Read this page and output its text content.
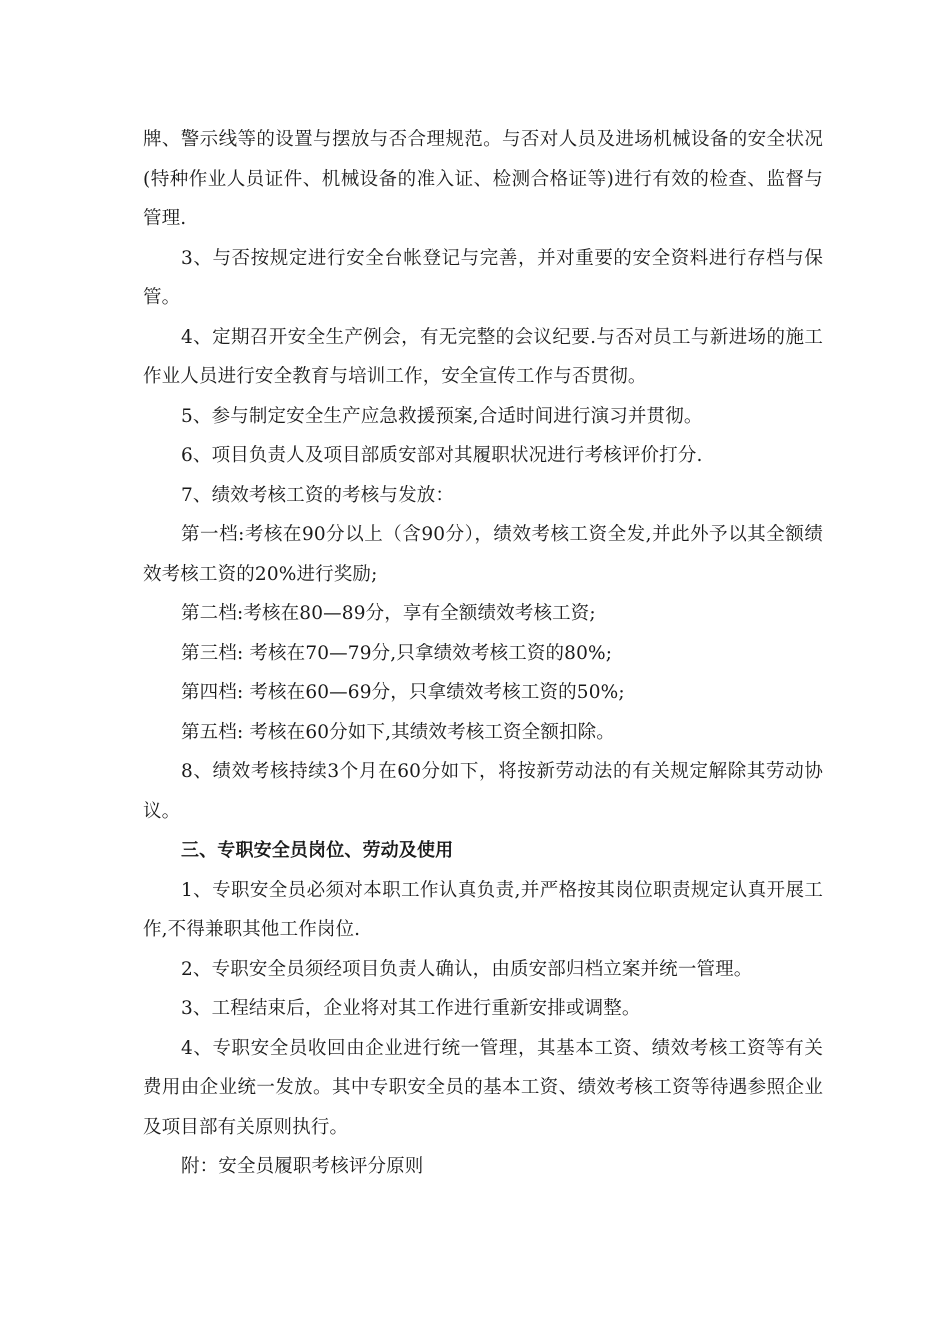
牌、警示线等的设置与摆放与否合理规范。与否对人员及进场机械设备的安全状况(特种作业人员证件、机械设备的准入证、检测合格证等)进行有效的检查、监督与管理.

3、与否按规定进行安全台帐登记与完善，并对重要的安全资料进行存档与保管。

4、定期召开安全生产例会，有无完整的会议纪要.与否对员工与新进场的施工作业人员进行安全教育与培训工作，安全宣传工作与否贯彻。

5、参与制定安全生产应急救援预案,合适时间进行演习并贯彻。

6、项目负责人及项目部质安部对其履职状况进行考核评价打分.

7、绩效考核工资的考核与发放：

第一档:考核在90分以上（含90分），绩效考核工资全发,并此外予以其全额绩效考核工资的20%进行奖励;

第二档:考核在80—89分，享有全额绩效考核工资;

第三档: 考核在70—79分,只拿绩效考核工资的80%;

第四档: 考核在60—69分，只拿绩效考核工资的50%;

第五档: 考核在60分如下,其绩效考核工资全额扣除。

8、绩效考核持续3个月在60分如下，将按新劳动法的有关规定解除其劳动协议。

三、专职安全员岗位、劳动及使用

1、专职安全员必须对本职工作认真负责,并严格按其岗位职责规定认真开展工作,不得兼职其他工作岗位.

2、专职安全员须经项目负责人确认，由质安部归档立案并统一管理。

3、工程结束后，企业将对其工作进行重新安排或调整。

4、专职安全员收回由企业进行统一管理，其基本工资、绩效考核工资等有关费用由企业统一发放。其中专职安全员的基本工资、绩效考核工资等待遇参照企业及项目部有关原则执行。

附：安全员履职考核评分原则
